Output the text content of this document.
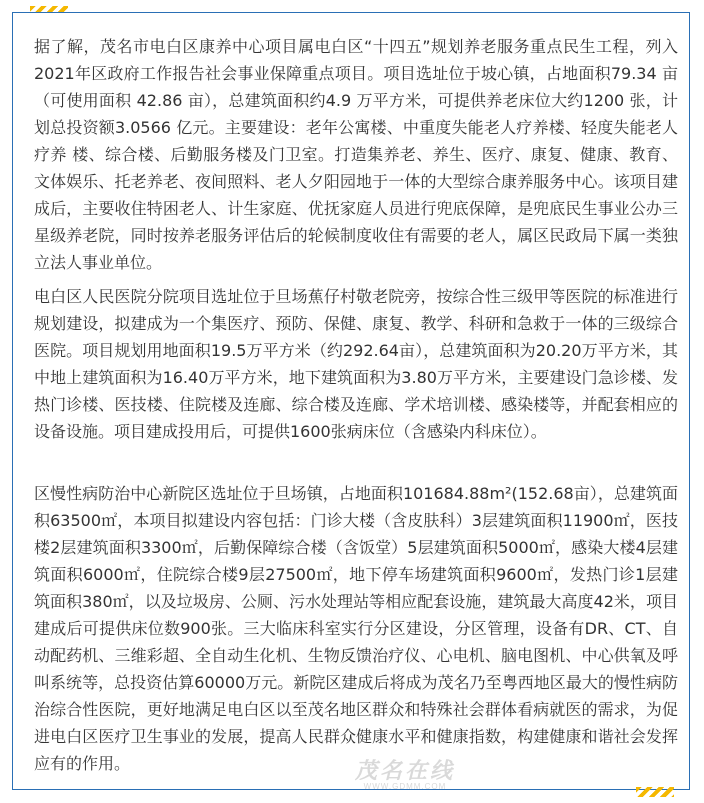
据了解，茂名市电白区康养中心项目属电白区“十四五”规划养老服务重点民生工程，列入2021年区政府工作报告社会事业保障重点项目。项目选址位于坡心镇，占地面积79.34 亩（可使用面积 42.86 亩），总建筑面积约4.9 万平方米，可提供养老床位大约1200 张，计划总投资额3.0566 亿元。主要建设：老年公寓楼、中重度失能老人疗养楼、轻度失能老人疗养 楼、综合楼、后勤服务楼及门卫室。打造集养老、养生、医疗、康复、健康、教育、文体娱乐、托老养老、夜间照料、老人夕阳园地于一体的大型综合康养服务中心。该项目建成后，主要收住特困老人、计生家庭、优抚家庭人员进行兜底保障，是兜底民生事业公办三星级养老院，同时按养老服务评估后的轮候制度收住有需要的老人，属区民政局下属一类独立法人事业单位。

电白区人民医院分院项目选址位于旦场蕉仔村敬老院旁，按综合性三级甲等医院的标准进行规划建设，拟建成为一个集医疗、预防、保健、康复、教学、科研和急救于一体的三级综合医院。项目规划用地面积19.5万平方米（约292.64亩），总建筑面积为20.20万平方米，其中地上建筑面积为16.40万平方米，地下建筑面积为3.80万平方米，主要建设门急诊楼、发热门诊楼、医技楼、住院楼及连廊、综合楼及连廊、学术培训楼、感染楼等，并配套相应的设备设施。项目建成投用后，可提供1600张病床位（含感染内科床位）。

区慢性病防治中心新院区选址位于旦场镇，占地面积101684.88m²(152.68亩），总建筑面积63500㎡，本项目拟建设内容包括：门诊大楼（含皮肤科）3层建筑面积11900㎡，医技楼2层建筑面积3300㎡，后勤保障综合楼（含饭堂）5层建筑面积5000㎡，感染大楼4层建筑面积6000㎡，住院综合楼9层27500㎡，地下停车场建筑面积9600㎡，发热门诊1层建筑面积380㎡，以及垃圾房、公厕、污水处理站等相应配套设施，建筑最大高度42米，项目建成后可提供床位数900张。三大临床科室实行分区建设，分区管理，设备有DR、CT、自动配药机、三维彩超、全自动生化机、生物反馈治疗仪、心电机、脑电图机、中心供氧及呼叫系统等，总投资估算60000万元。新院区建成后将成为茂名乃至粤西地区最大的慢性病防治综合性医院，更好地满足电白区以至茂名地区群众和特殊社会群体看病就医的需求，为促进电白区医疗卫生事业的发展，提高人民群众健康水平和健康指数，构建健康和谐社会发挥应有的作用。	茂名在线
WWW.GDMM.COM
